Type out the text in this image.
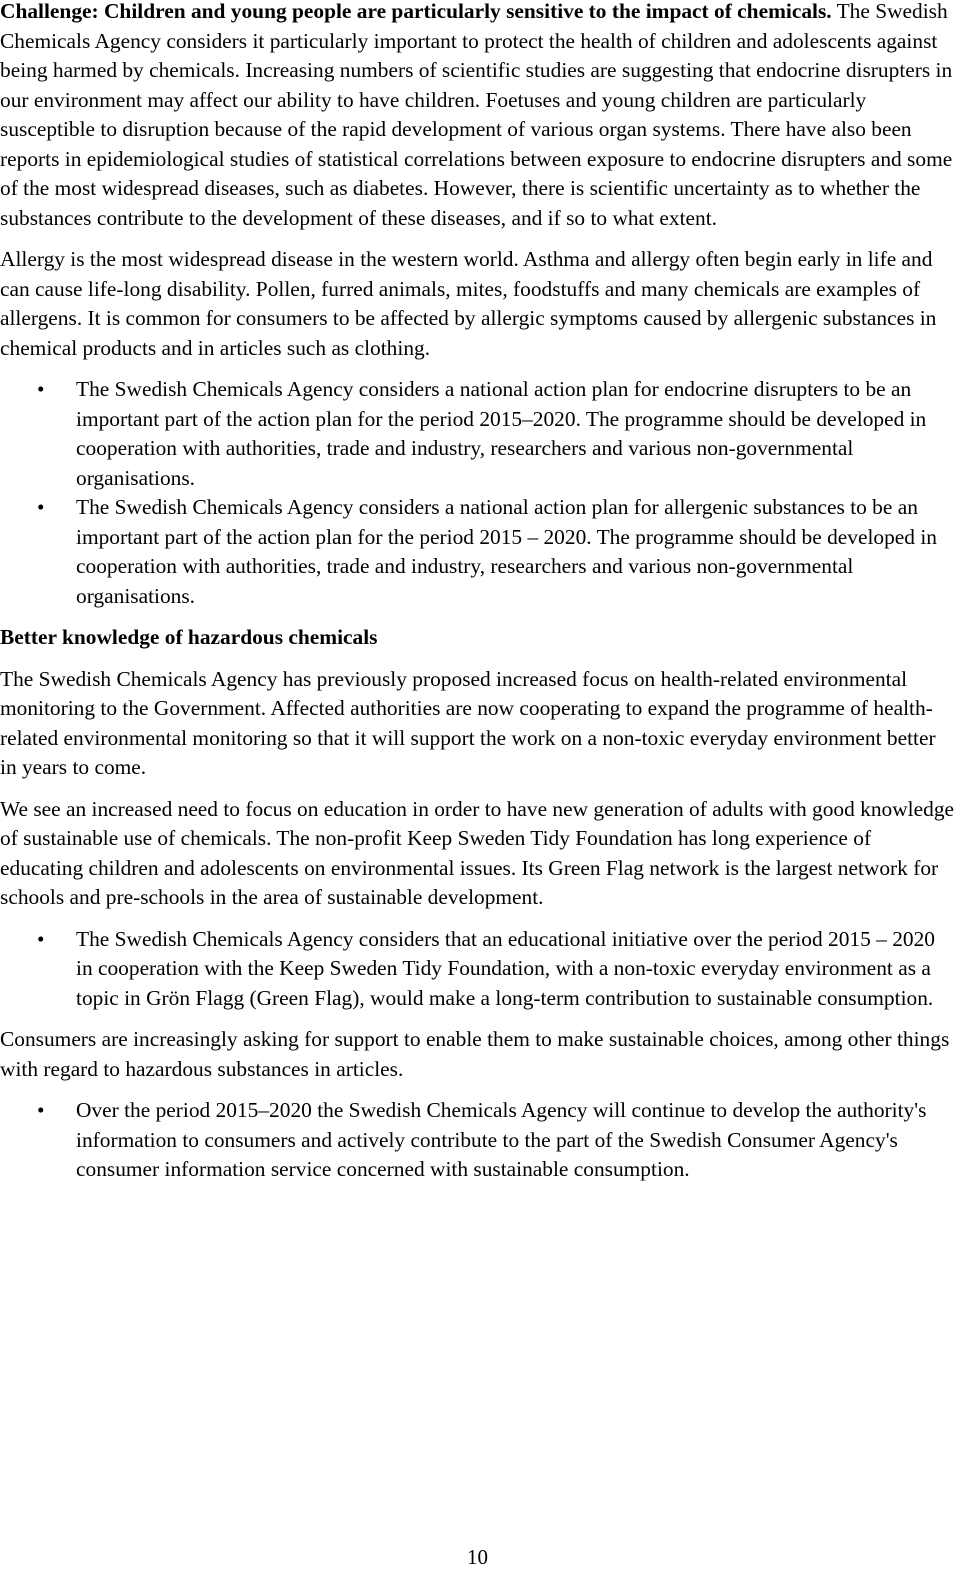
Challenge: Children and young people are particularly sensitive to the impact of chemicals. The Swedish Chemicals Agency considers it particularly important to protect the health of children and adolescents against being harmed by chemicals. Increasing numbers of scientific studies are suggesting that endocrine disrupters in our environment may affect our ability to have children. Foetuses and young children are particularly susceptible to disruption because of the rapid development of various organ systems. There have also been reports in epidemiological studies of statistical correlations between exposure to endocrine disrupters and some of the most widespread diseases, such as diabetes. However, there is scientific uncertainty as to whether the substances contribute to the development of these diseases, and if so to what extent.

Allergy is the most widespread disease in the western world. Asthma and allergy often begin early in life and can cause life-long disability. Pollen, furred animals, mites, foodstuffs and many chemicals are examples of allergens. It is common for consumers to be affected by allergic symptoms caused by allergenic substances in chemical products and in articles such as clothing.

• The Swedish Chemicals Agency considers a national action plan for endocrine disrupters to be an important part of the action plan for the period 2015–2020. The programme should be developed in cooperation with authorities, trade and industry, researchers and various non-governmental organisations.
• The Swedish Chemicals Agency considers a national action plan for allergenic substances to be an important part of the action plan for the period 2015 – 2020. The programme should be developed in cooperation with authorities, trade and industry, researchers and various non-governmental organisations.
Better knowledge of hazardous chemicals

The Swedish Chemicals Agency has previously proposed increased focus on health-related environmental monitoring to the Government. Affected authorities are now cooperating to expand the programme of health-related environmental monitoring so that it will support the work on a non-toxic everyday environment better in years to come.

We see an increased need to focus on education in order to have new generation of adults with good knowledge of sustainable use of chemicals. The non-profit Keep Sweden Tidy Foundation has long experience of educating children and adolescents on environmental issues. Its Green Flag network is the largest network for schools and pre-schools in the area of sustainable development.

• The Swedish Chemicals Agency considers that an educational initiative over the period 2015 – 2020 in cooperation with the Keep Sweden Tidy Foundation, with a non-toxic everyday environment as a topic in Grön Flagg (Green Flag), would make a long-term contribution to sustainable consumption.

Consumers are increasingly asking for support to enable them to make sustainable choices, among other things with regard to hazardous substances in articles.

• Over the period 2015–2020 the Swedish Chemicals Agency will continue to develop the authority's information to consumers and actively contribute to the part of the Swedish Consumer Agency's consumer information service concerned with sustainable consumption.
10
